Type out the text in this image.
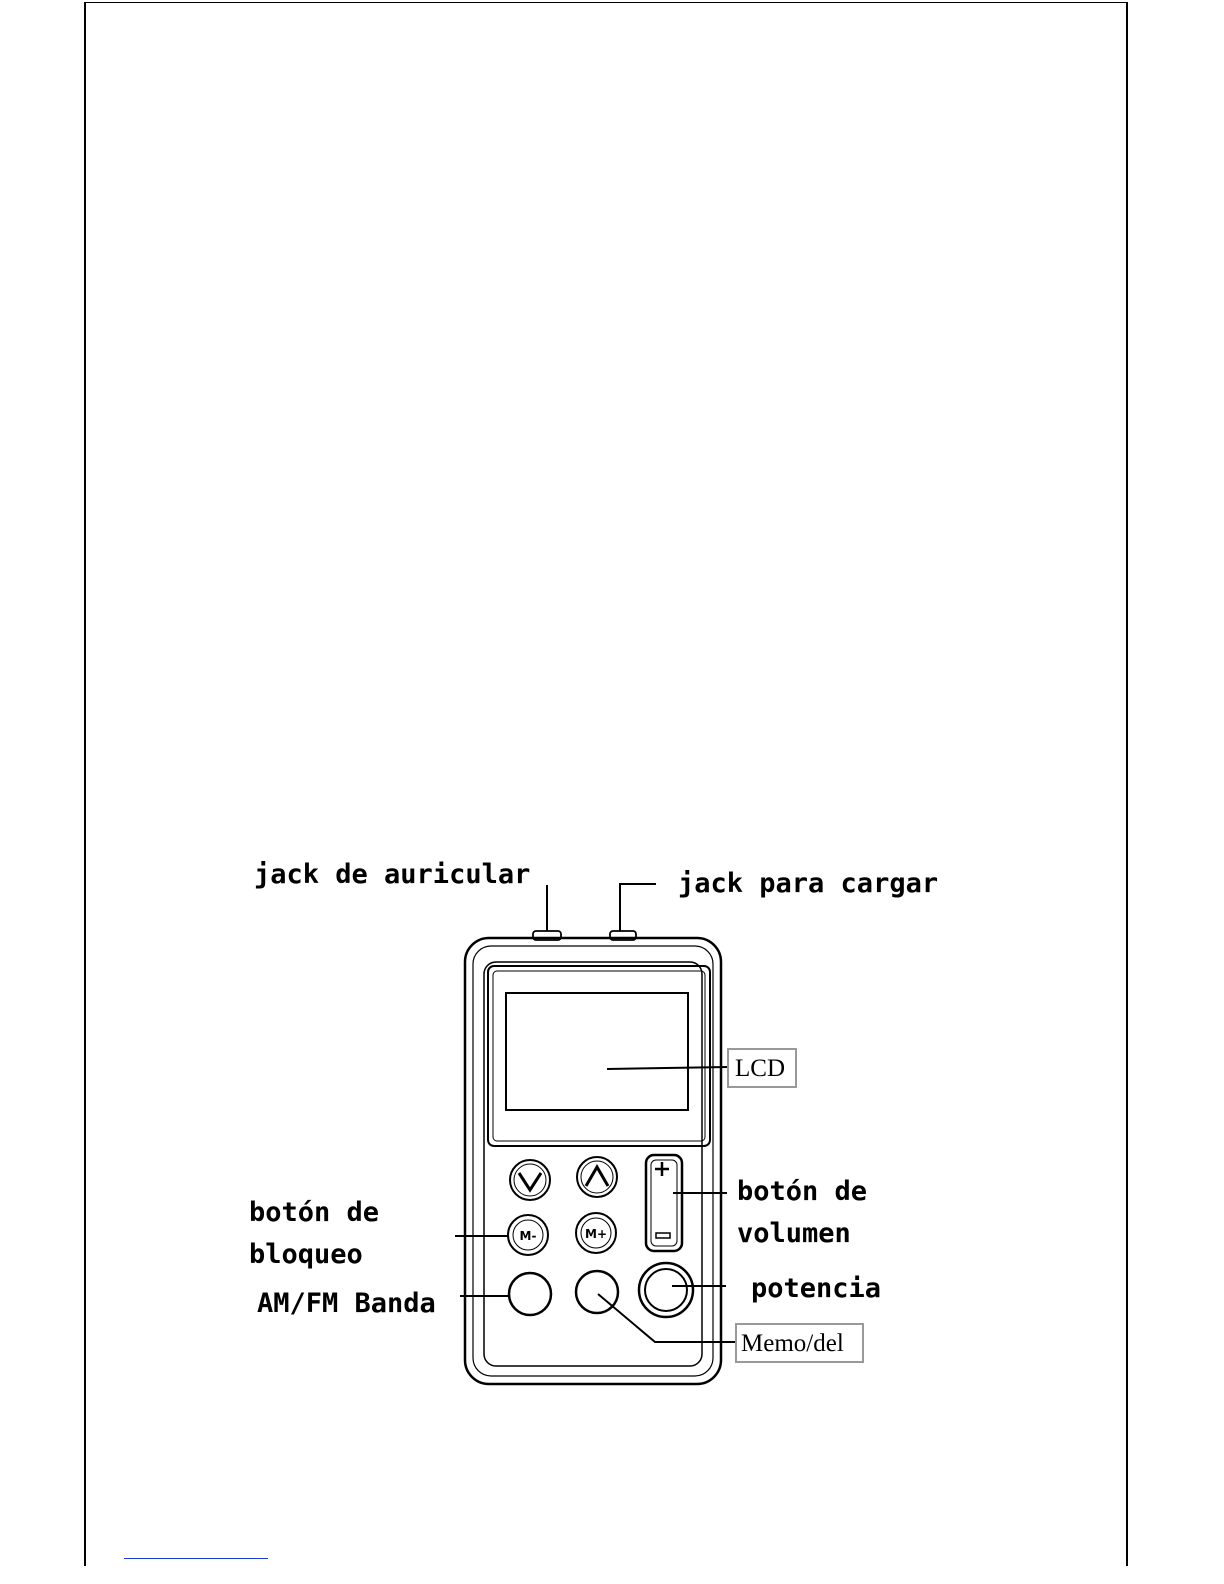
M-	M+
jack de auricular	jack para cargar
LCD
botón de
volumen
botón de
bloqueo
AM/FM Banda	potencia
Memo/del
